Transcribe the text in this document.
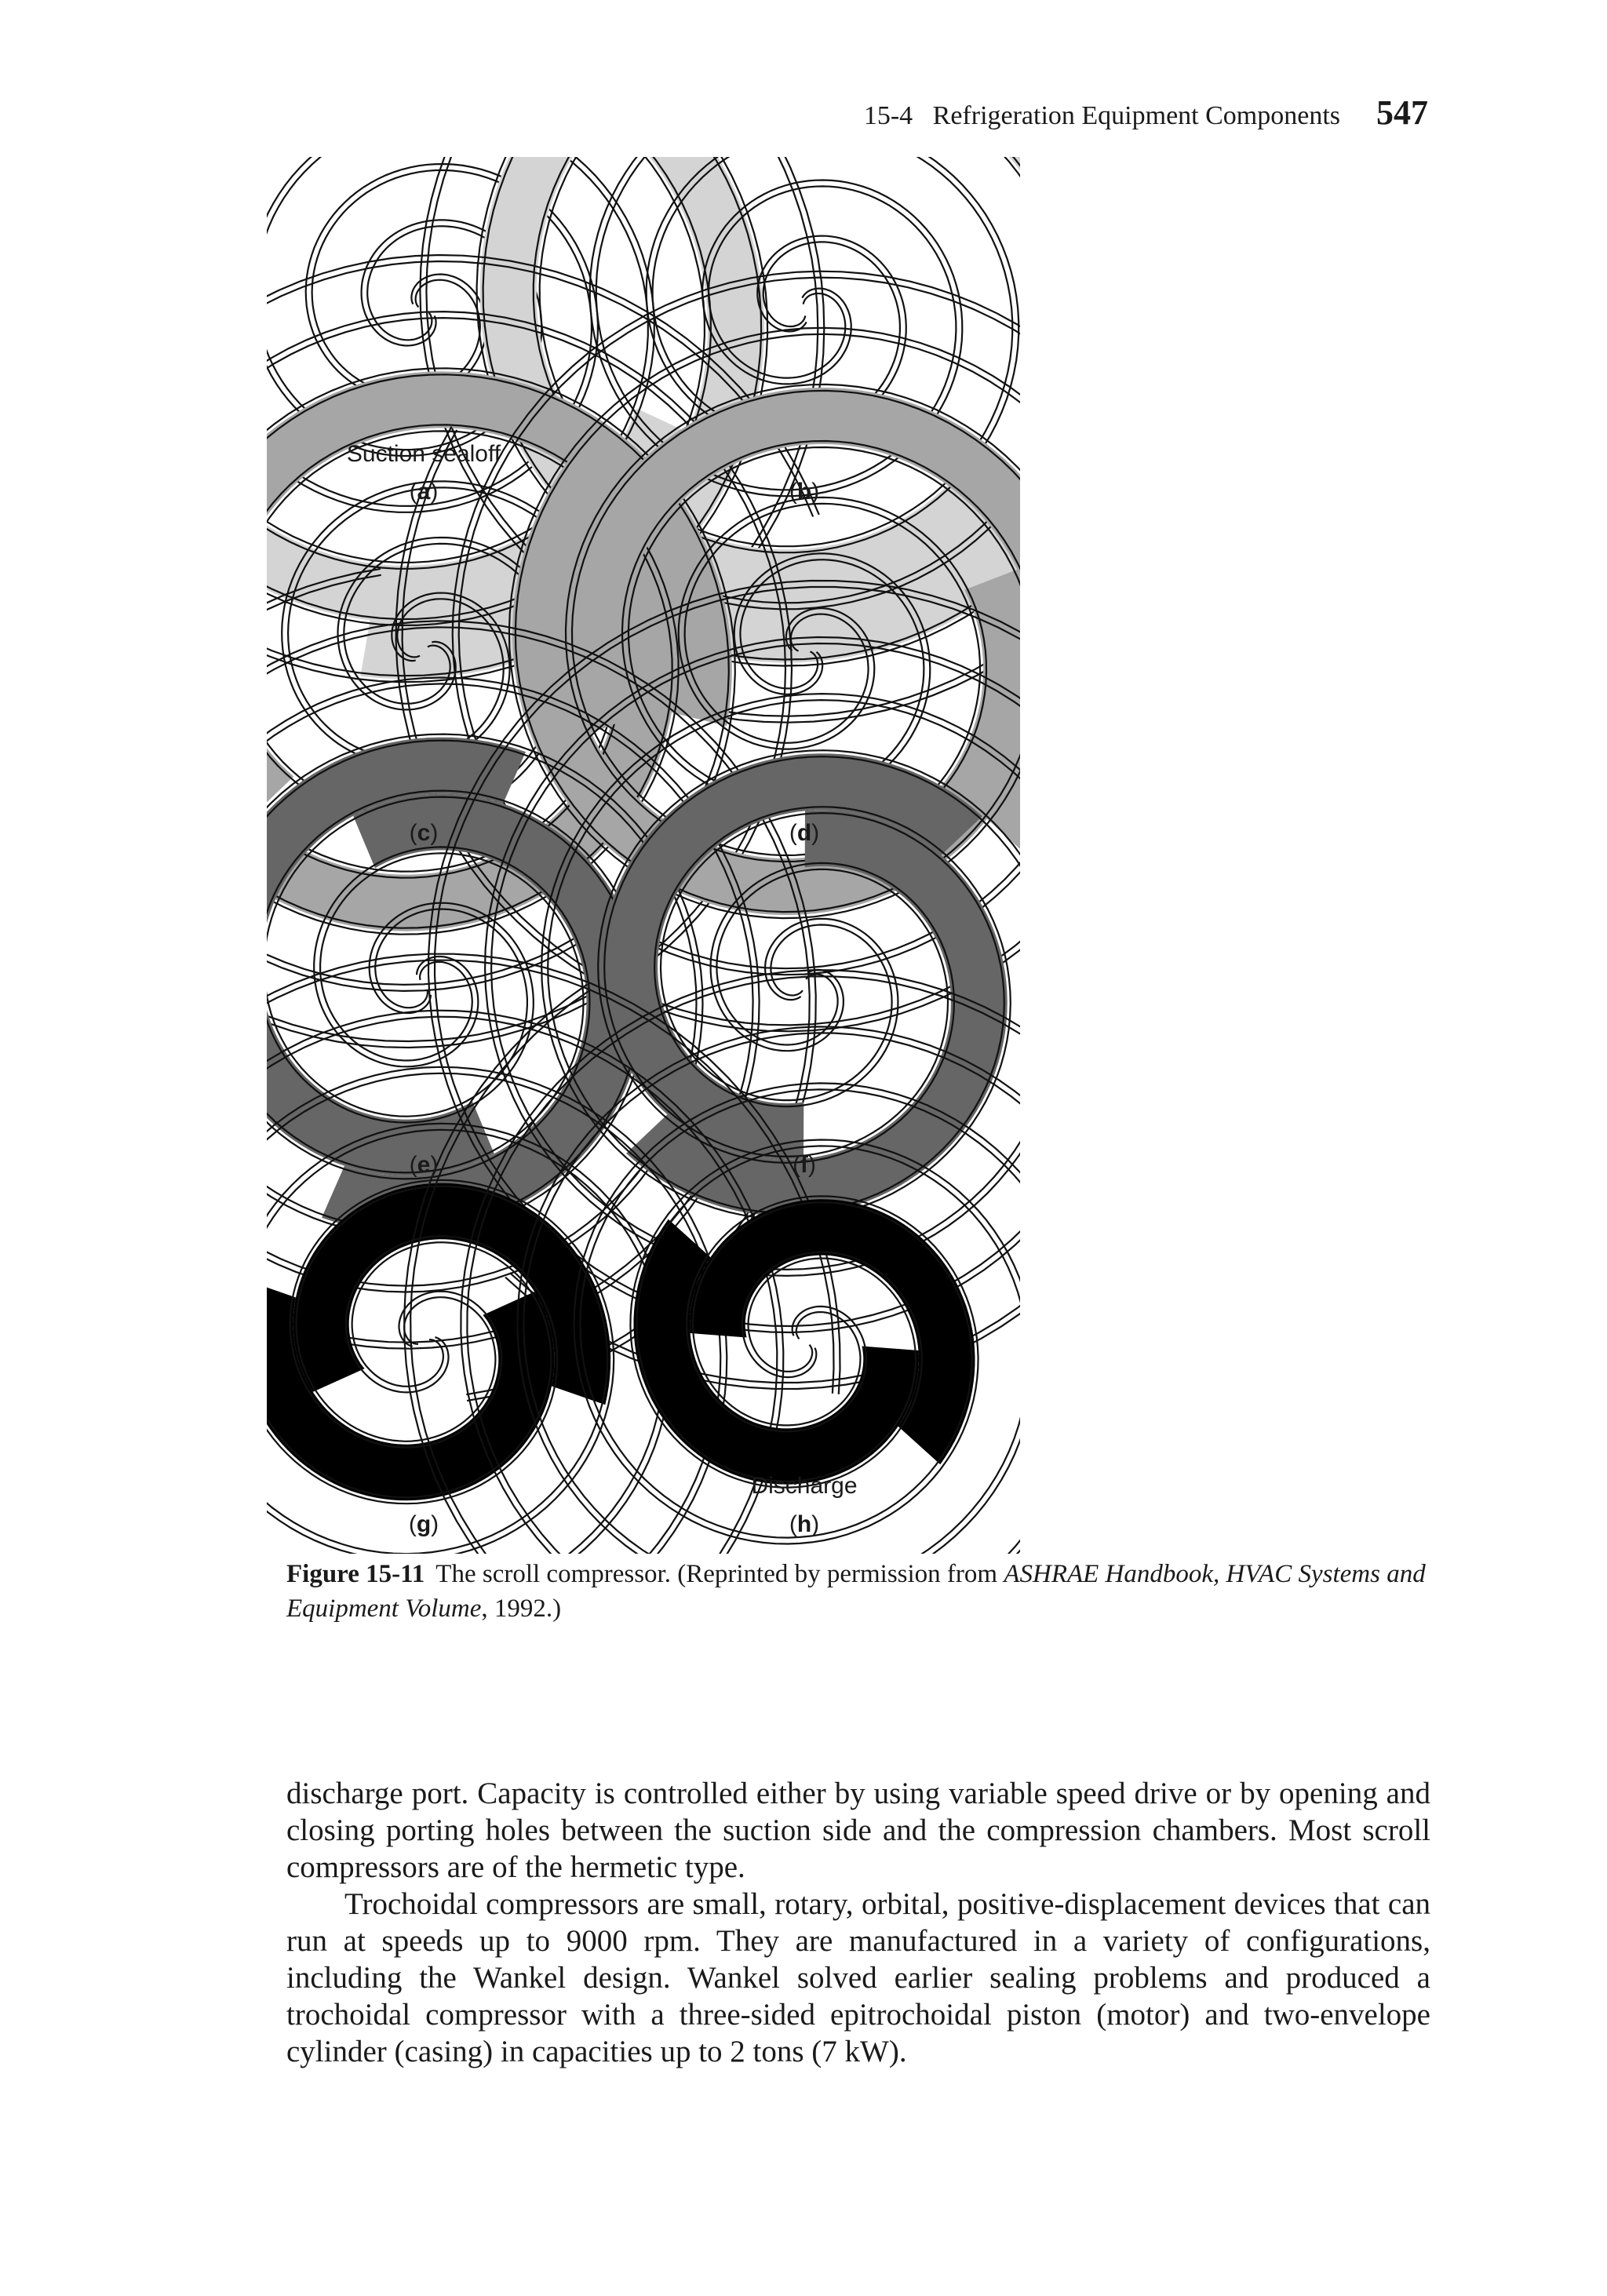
15-4   Refrigeration Equipment Components 547
Suction sealoff
(a)	(b)
(c)	(d)
(e)	(f)
Discharge
(g)	(h)
Figure 15-11 The scroll compressor. (Reprinted by permission from ASHRAE Handbook, HVAC Systems and Equipment Volume, 1992.)

discharge port. Capacity is controlled either by using variable speed drive or by opening and closing porting holes between the suction side and the compression chambers. Most scroll compressors are of the hermetic type.

Trochoidal compressors are small, rotary, orbital, positive-displacement devices that can run at speeds up to 9000 rpm. They are manufactured in a variety of configurations, including the Wankel design. Wankel solved earlier sealing problems and produced a trochoidal compressor with a three-sided epitrochoidal piston (motor) and two-envelope cylinder (casing) in capacities up to 2 tons (7 kW).
